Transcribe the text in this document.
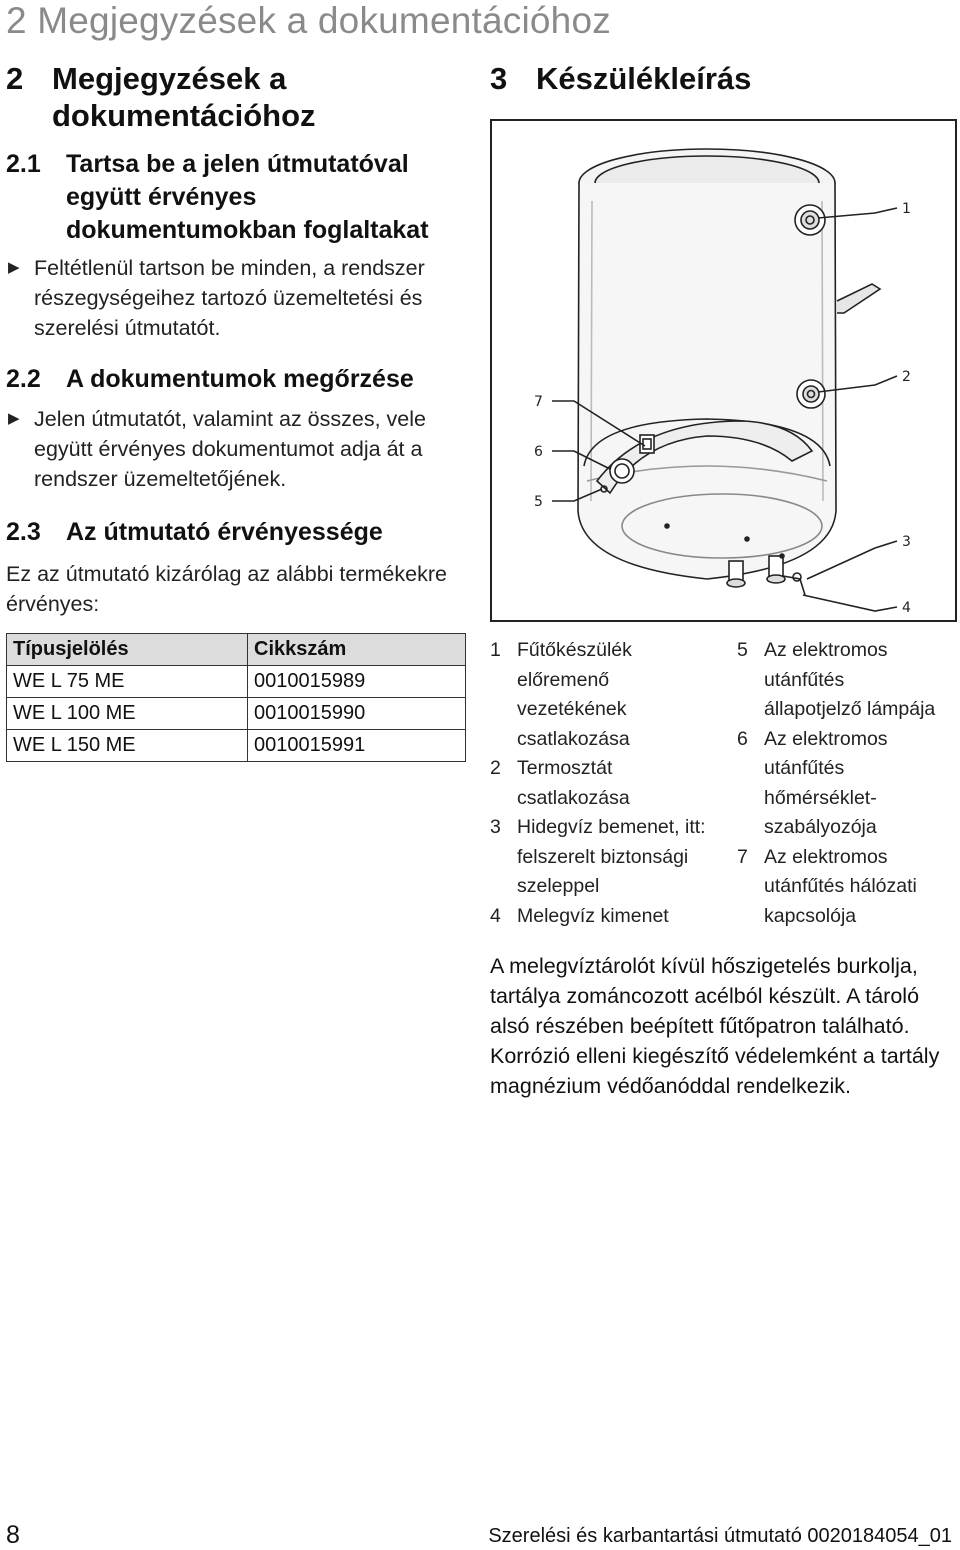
2 Megjegyzések a dokumentációhoz
2 Megjegyzések a dokumentációhoz
2.1	Tartsa be a jelen útmutatóval együtt érvényes dokumentumokban foglaltakat
▶ Feltétlenül tartson be minden, a rendszer részegységeihez tartozó üzemeltetési és szerelési útmutatót.
2.2	A dokumentumok megőrzése
▶ Jelen útmutatót, valamint az összes, vele együtt érvényes dokumentumot adja át a rendszer üzemeltetőjének.
2.3	Az útmutató érvényessége
Ez az útmutató kizárólag az alábbi termékekre érvényes:
Típusjelölés	Cikkszám
WE L 75 ME	0010015989
WE L 100 ME	0010015990
WE L 150 ME	0010015991
3 Készülékleírás
1
2
3
4
5
6
7
1 Fűtőkészülék előremenő vezetékének csatlakozása
2 Termosztát csatlakozása
3 Hidegvíz bemenet, itt: felszerelt biztonsági szeleppel
4 Melegvíz kimenet
5 Az elektromos utánfűtés állapotjelző lámpája
6 Az elektromos utánfűtés hőmérséklet-szabályozója
7 Az elektromos utánfűtés hálózati kapcsolója
A melegvíztárolót kívül hőszigetelés burkolja, tartálya zománcozott acélból készült. A tároló alsó részében beépített fűtőpatron található. Korrózió elleni kiegészítő védelemként a tartály magnézium védőanóddal rendelkezik.
8	Szerelési és karbantartási útmutató 0020184054_01
